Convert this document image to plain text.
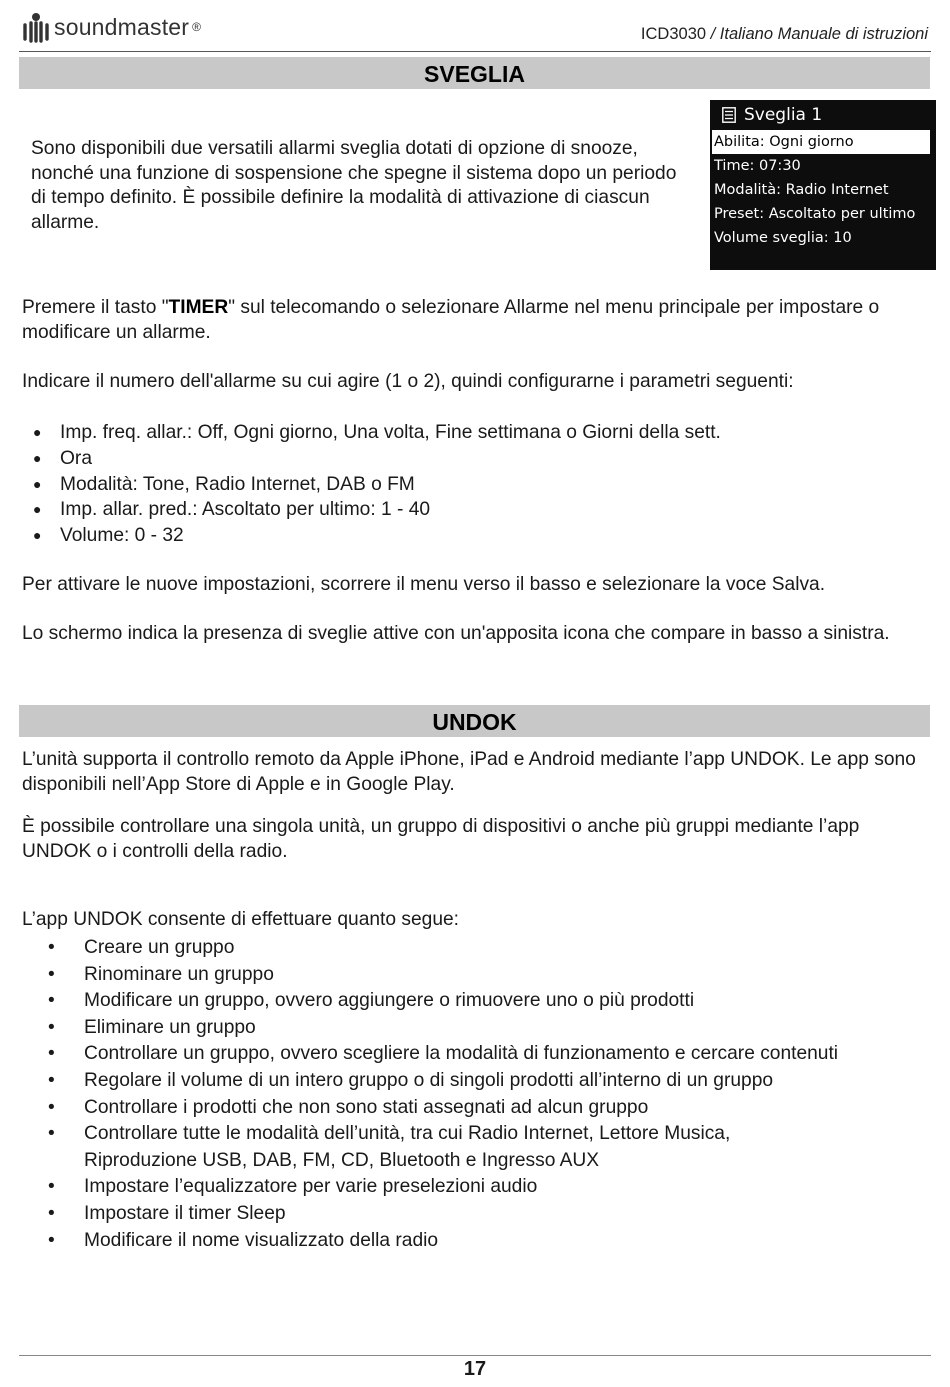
soundmaster ®	ICD3030 / Italiano Manuale di istruzioni
SVEGLIA
Sono disponibili due versatili allarmi sveglia dotati di opzione di snooze, nonché una funzione di sospensione che spegne il sistema dopo un periodo di tempo definito. È possibile definire la modalità di attivazione di ciascun allarme.
Sveglia 1
Abilita: Ogni giorno
Time: 07:30
Modalità: Radio Internet
Preset: Ascoltato per ultimo
Volume sveglia: 10
Premere il tasto "TIMER" sul telecomando o selezionare Allarme nel menu principale per impostare o modificare un allarme.
Indicare il numero dell'allarme su cui agire (1 o 2), quindi configurarne i parametri seguenti:
● Imp. freq. allar.: Off, Ogni giorno, Una volta, Fine settimana o Giorni della sett.
● Ora
● Modalità: Tone, Radio Internet, DAB o FM
● Imp. allar. pred.: Ascoltato per ultimo: 1 - 40
● Volume: 0 - 32
Per attivare le nuove impostazioni, scorrere il menu verso il basso e selezionare la voce Salva.
Lo schermo indica la presenza di sveglie attive con un'apposita icona che compare in basso a sinistra.
UNDOK
L’unità supporta il controllo remoto da Apple iPhone, iPad e Android mediante l’app UNDOK. Le app sono disponibili nell’App Store di Apple e in Google Play.
È possibile controllare una singola unità, un gruppo di dispositivi o anche più gruppi mediante l’app UNDOK o i controlli della radio.
L’app UNDOK consente di effettuare quanto segue:
• Creare un gruppo
• Rinominare un gruppo
• Modificare un gruppo, ovvero aggiungere o rimuovere uno o più prodotti
• Eliminare un gruppo
• Controllare un gruppo, ovvero scegliere la modalità di funzionamento e cercare contenuti
• Regolare il volume di un intero gruppo o di singoli prodotti all’interno di un gruppo
• Controllare i prodotti che non sono stati assegnati ad alcun gruppo
• Controllare tutte le modalità dell’unità, tra cui Radio Internet, Lettore Musica, Riproduzione USB, DAB, FM, CD, Bluetooth e Ingresso AUX
• Impostare l’equalizzatore per varie preselezioni audio
• Impostare il timer Sleep
• Modificare il nome visualizzato della radio
17
